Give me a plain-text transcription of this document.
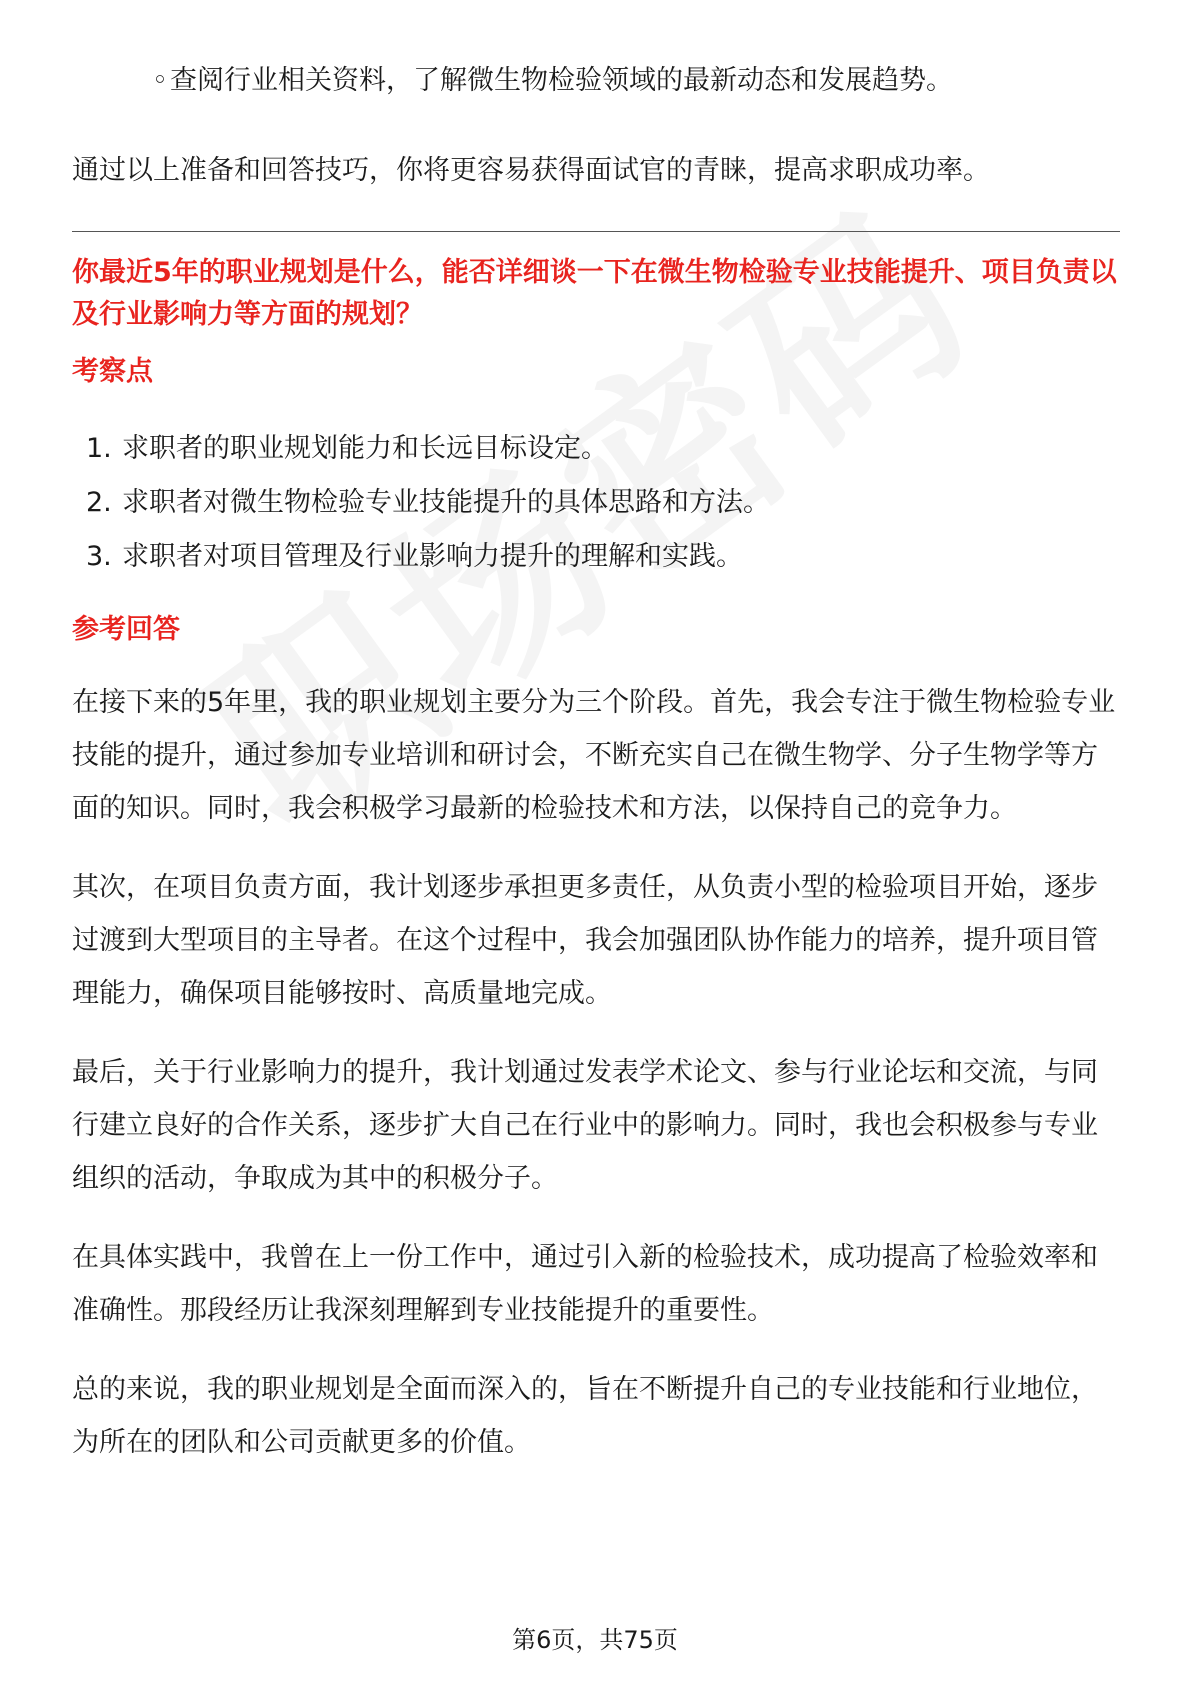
◦查阅行业相关资料，了解微生物检验领域的最新动态和发展趋势。

通过以上准备和回答技巧，你将更容易获得面试官的青睐，提高求职成功率。

你最近5年的职业规划是什么，能否详细谈一下在微生物检验专业技能提升、项目负责以及行业影响力等方面的规划？

考察点
1. 求职者的职业规划能力和长远目标设定。
2. 求职者对微生物检验专业技能提升的具体思路和方法。
3. 求职者对项目管理及行业影响力提升的理解和实践。
参考回答

在接下来的5年里，我的职业规划主要分为三个阶段。首先，我会专注于微生物检验专业技能的提升，通过参加专业培训和研讨会，不断充实自己在微生物学、分子生物学等方面的知识。同时，我会积极学习最新的检验技术和方法，以保持自己的竞争力。

其次，在项目负责方面，我计划逐步承担更多责任，从负责小型的检验项目开始，逐步过渡到大型项目的主导者。在这个过程中，我会加强团队协作能力的培养，提升项目管理能力，确保项目能够按时、高质量地完成。

最后，关于行业影响力的提升，我计划通过发表学术论文、参与行业论坛和交流，与同行建立良好的合作关系，逐步扩大自己在行业中的影响力。同时，我也会积极参与专业组织的活动，争取成为其中的积极分子。

在具体实践中，我曾在上一份工作中，通过引入新的检验技术，成功提高了检验效率和准确性。那段经历让我深刻理解到专业技能提升的重要性。

总的来说，我的职业规划是全面而深入的，旨在不断提升自己的专业技能和行业地位，为所在的团队和公司贡献更多的价值。

第6页，共75页
